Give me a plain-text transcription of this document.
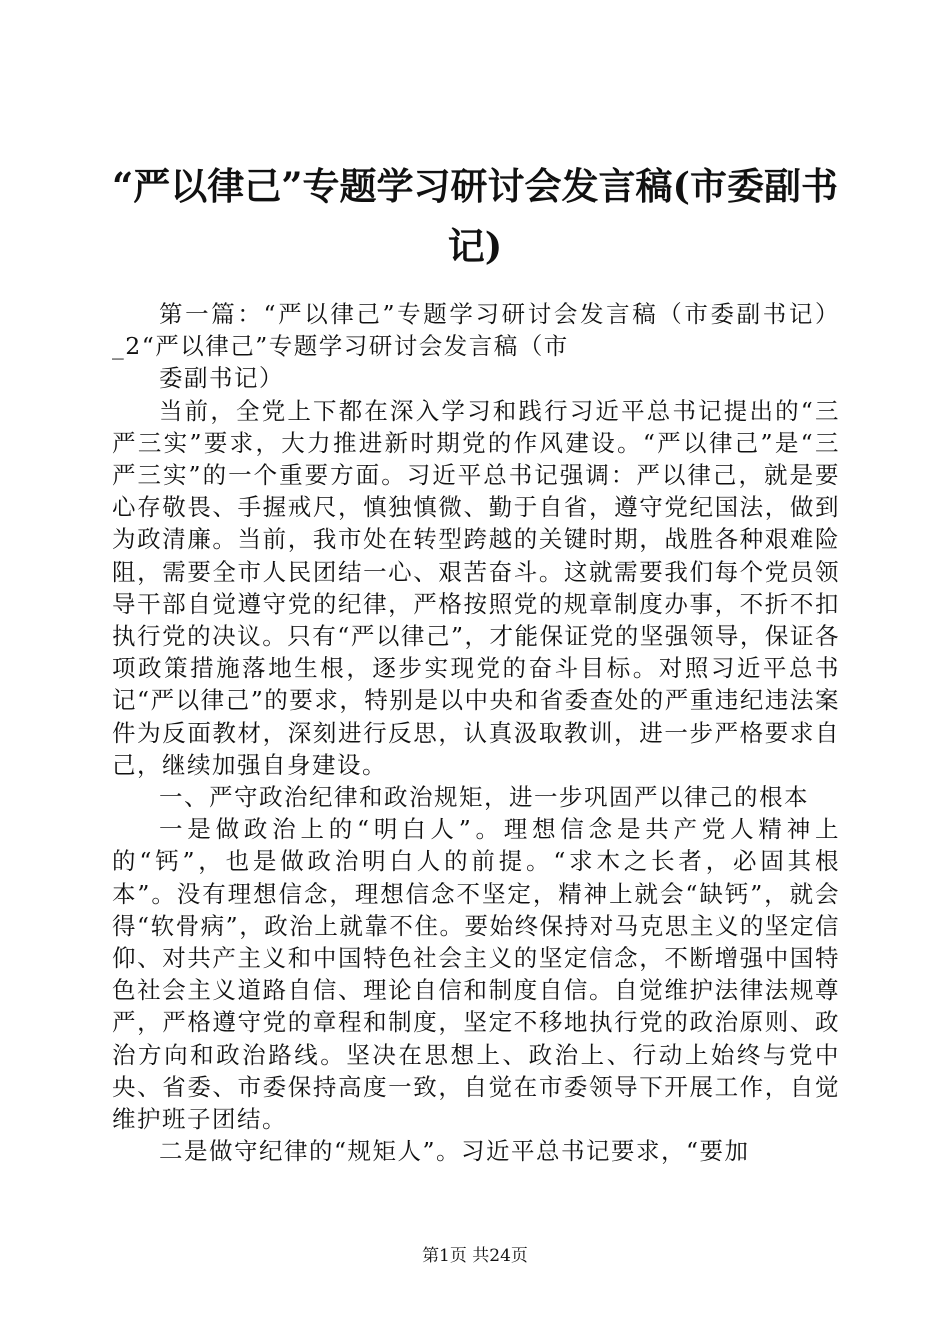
“严以律己”专题学习研讨会发言稿(市委副书记)

第一篇：“严以律己”专题学习研讨会发言稿（市委副书记）_2“严以律己”专题学习研讨会发言稿（市

委副书记）

当前，全党上下都在深入学习和践行习近平总书记提出的“三严三实”要求，大力推进新时期党的作风建设。“严以律己”是“三严三实”的一个重要方面。习近平总书记强调：严以律己，就是要心存敬畏、手握戒尺，慎独慎微、勤于自省，遵守党纪国法，做到为政清廉。当前，我市处在转型跨越的关键时期，战胜各种艰难险阻，需要全市人民团结一心、艰苦奋斗。这就需要我们每个党员领导干部自觉遵守党的纪律，严格按照党的规章制度办事，不折不扣执行党的决议。只有“严以律己”，才能保证党的坚强领导，保证各项政策措施落地生根，逐步实现党的奋斗目标。对照习近平总书记“严以律己”的要求，特别是以中央和省委查处的严重违纪违法案件为反面教材，深刻进行反思，认真汲取教训，进一步严格要求自己，继续加强自身建设。

一、严守政治纪律和政治规矩，进一步巩固严以律己的根本

一是做政治上的“明白人”。理想信念是共产党人精神上的“钙”，也是做政治明白人的前提。“求木之长者，必固其根本”。没有理想信念，理想信念不坚定，精神上就会“缺钙”，就会得“软骨病”，政治上就靠不住。要始终保持对马克思主义的坚定信仰、对共产主义和中国特色社会主义的坚定信念，不断增强中国特色社会主义道路自信、理论自信和制度自信。自觉维护法律法规尊严，严格遵守党的章程和制度，坚定不移地执行党的政治原则、政治方向和政治路线。坚决在思想上、政治上、行动上始终与党中央、省委、市委保持高度一致，自觉在市委领导下开展工作，自觉维护班子团结。

二是做守纪律的“规矩人”。习近平总书记要求，“要加

第1页 共24页
